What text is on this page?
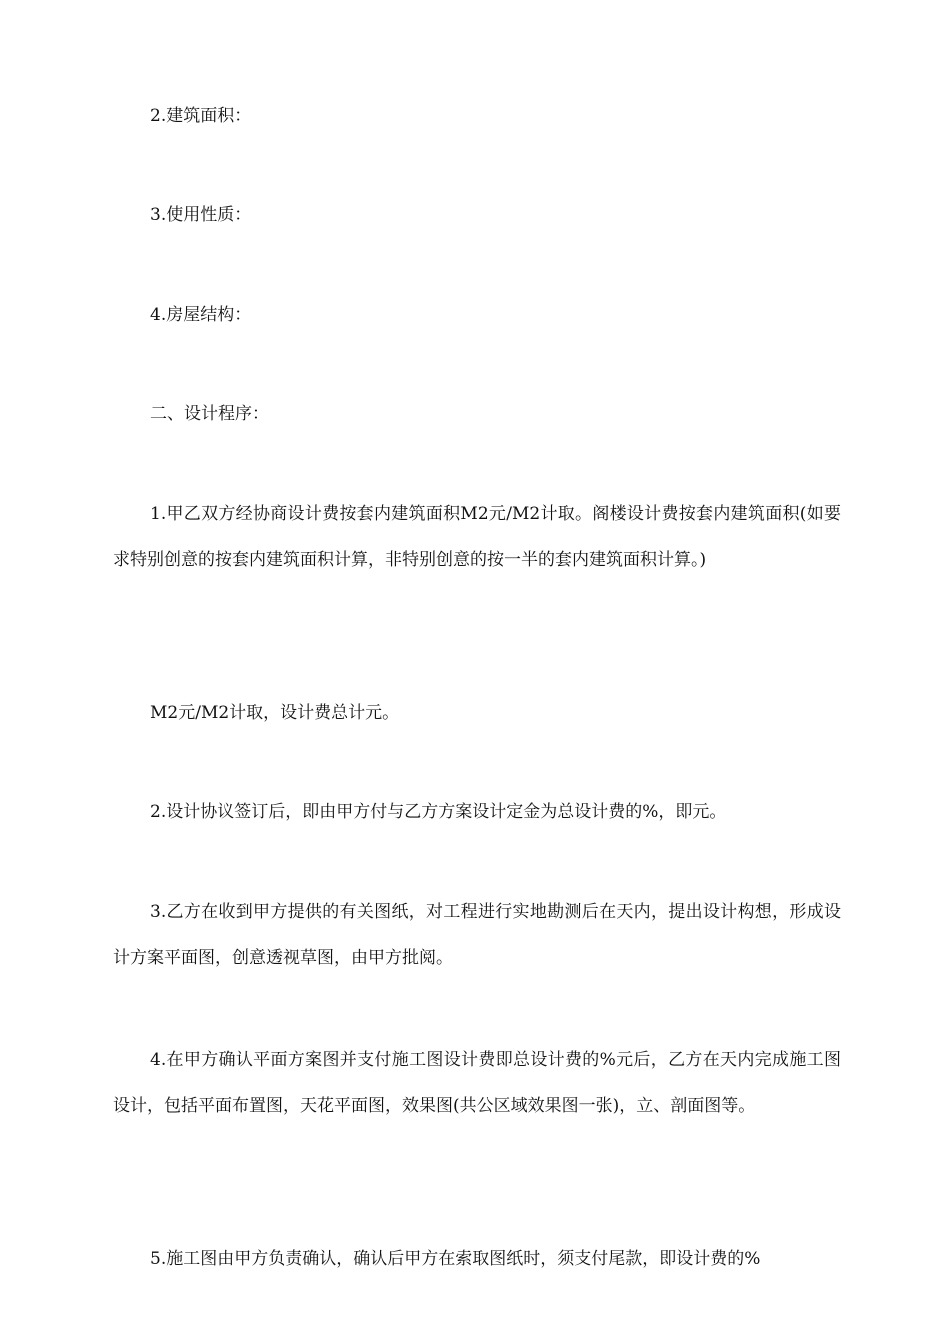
2.建筑面积：

3.使用性质：

4.房屋结构：

二、设计程序：

1.甲乙双方经协商设计费按套内建筑面积M2元/M2计取。阁楼设计费按套内建筑面积(如要求特别创意的按套内建筑面积计算，非特别创意的按一半的套内建筑面积计算。)

M2元/M2计取，设计费总计元。

2.设计协议签订后，即由甲方付与乙方方案设计定金为总设计费的%，即元。

3.乙方在收到甲方提供的有关图纸，对工程进行实地勘测后在天内，提出设计构想，形成设计方案平面图，创意透视草图，由甲方批阅。

4.在甲方确认平面方案图并支付施工图设计费即总设计费的%元后，乙方在天内完成施工图设计，包括平面布置图，天花平面图，效果图(共公区域效果图一张)，立、剖面图等。

5.施工图由甲方负责确认，确认后甲方在索取图纸时，须支付尾款，即设计费的%
